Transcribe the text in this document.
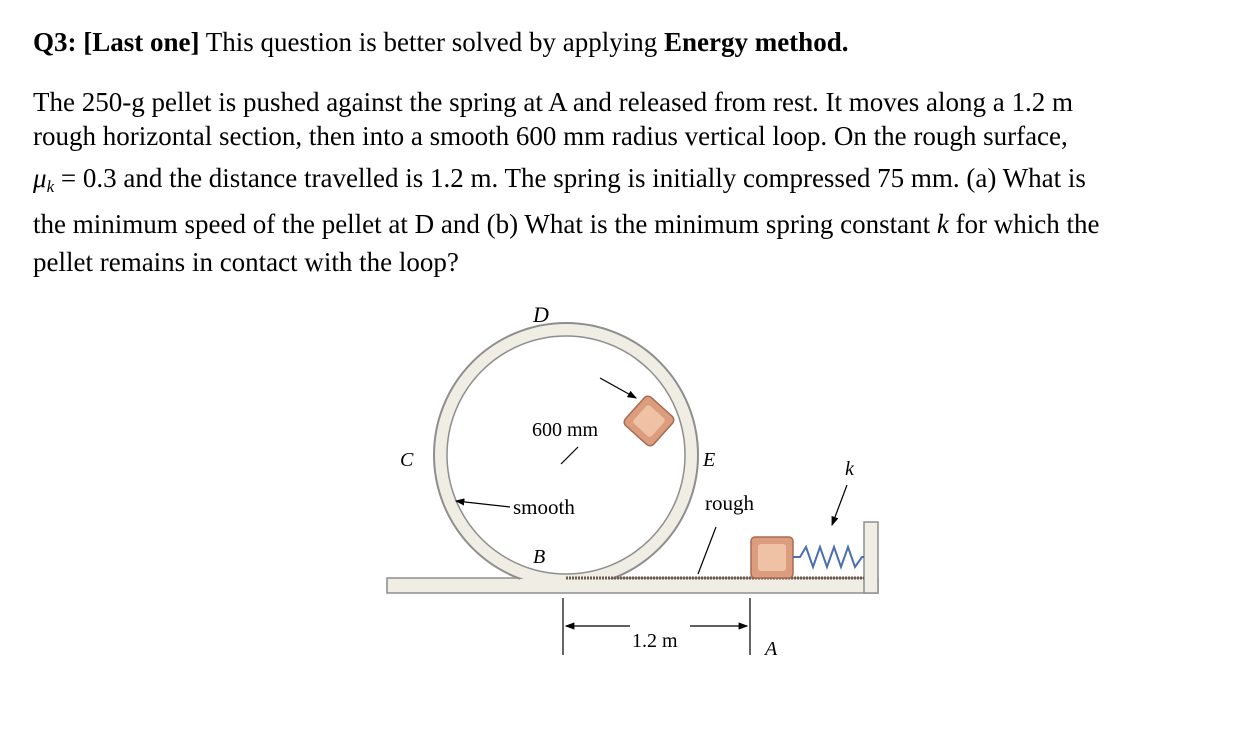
Q3: [Last one] This question is better solved by applying Energy method.
The 250-g pellet is pushed against the spring at A and released from rest. It moves along a 1.2 m
rough horizontal section, then into a smooth 600 mm radius vertical loop. On the rough surface,
$\mu_k = 0.3$ and the distance travelled is 1.2 m. The spring is initially compressed 75 mm. (a) What is
the minimum speed of the pellet at D and (b) What is the minimum spring constant k for which the
pellet remains in contact with the loop?
D
C	E
B
A
k
600 mm
smooth	rough
1.2 m
